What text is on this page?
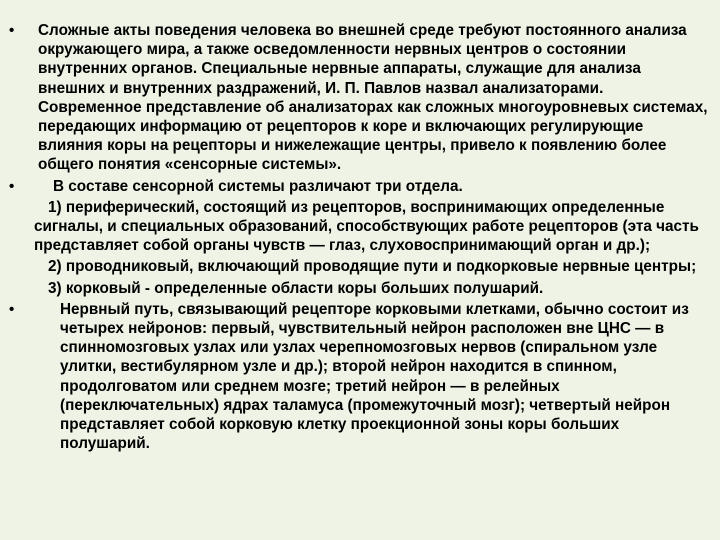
•	Сложные акты поведения человека во внешней среде требуют постоянного анализа окружающего мира, а также осведомленности нервных центров о состоянии внутренних органов. Специальные нервные аппараты, служащие для анализа внешних и внутренних раздражений, И. П. Павлов назвал анализаторами. Современное представление об анализаторах как сложных многоуровневых системах, передающих информацию от рецепторов к коре и включающих регулирующие влияния коры на рецепторы и нижележащие центры, привело к появлению более общего понятия «сенсорные системы».
•	В составе сенсорной системы различают три отдела.
1) периферический, состоящий из рецепторов, воспринимающих определенные сигналы, и специальных образований, способствующих работе рецепторов (эта часть представляет собой органы чувств — глаз, слуховоспринимающий орган и др.);
2) проводниковый, включающий проводящие пути и подкорковые нервные центры;
3) корковый - определенные области коры больших полушарий.
•	Нервный путь, связывающий рецепторе корковыми клетками, обычно состоит из четырех нейронов: первый, чувствительный нейрон расположен вне ЦНС — в спинномозговых узлах или узлах черепномозговых нервов (спиральном узле улитки, вестибулярном узле и др.); второй нейрон находится в спинном, продолговатом или среднем мозге; третий нейрон — в релейных (переключательных) ядрах таламуса (промежуточный мозг); четвертый нейрон представляет собой корковую клетку проекционной зоны коры больших полушарий.
